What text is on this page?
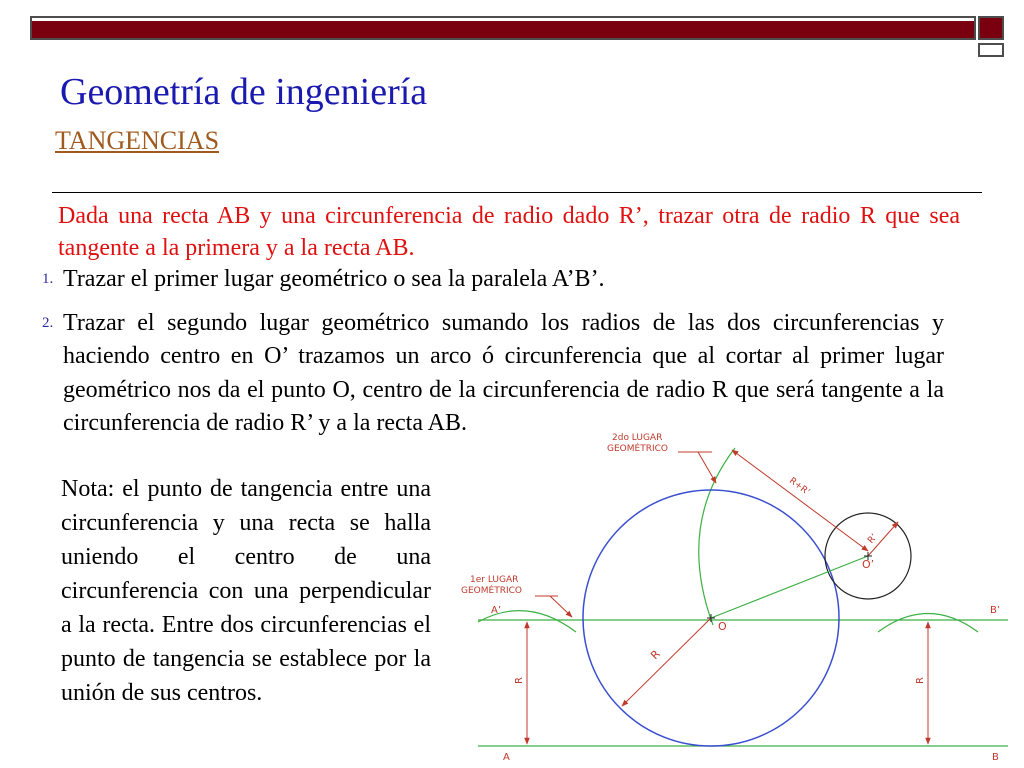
Geometría de ingeniería
TANGENCIAS

Dada una recta AB y una circunferencia de radio dado R’, trazar otra de radio R que sea tangente a la primera y a la recta AB.

1. Trazar el primer lugar geométrico o sea la paralela A’B’.
2. Trazar el segundo lugar geométrico sumando los radios de las dos circunferencias y haciendo centro en O’ trazamos un arco ó circunferencia que al cortar al primer lugar geométrico nos da el punto O, centro de la circunferencia de radio R que será tangente a la circunferencia de radio R’ y a la recta AB.

Nota: el punto de tangencia entre una circunferencia y una recta se halla uniendo el centro de una circunferencia con una perpendicular a la recta. Entre dos circunferencias el punto de tangencia se establece por la unión de sus centros.

2do LUGAR
GEOMÉTRICO
1er LUGAR
GEOMÉTRICO
R+R’
R’
O’
O
R
R	R
A’	B’
A	B
